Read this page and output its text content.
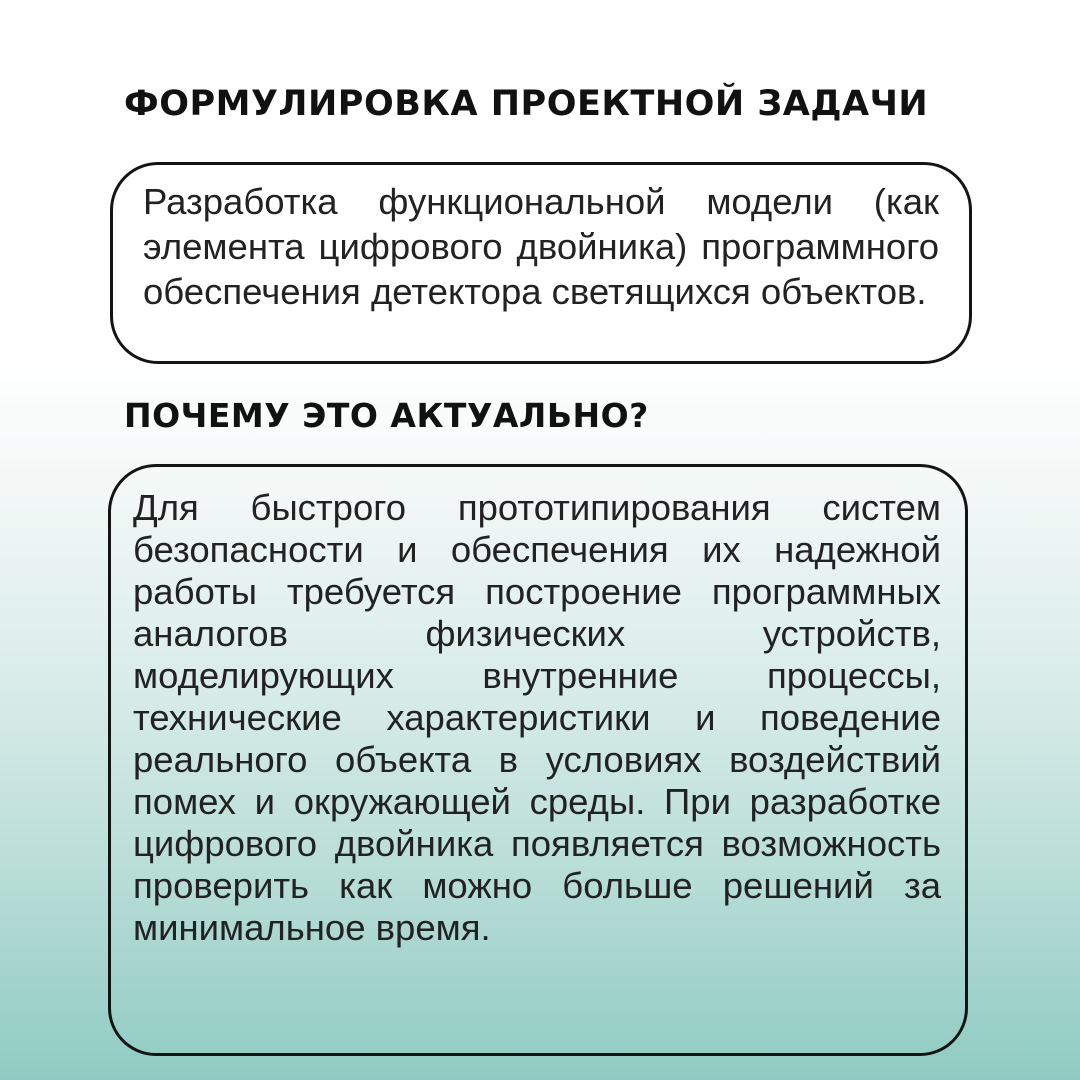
ФОРМУЛИРОВКА ПРОЕКТНОЙ ЗАДАЧИ

Разработка функциональной модели (как элемента цифрового двойника) программного обеспечения детектора светящихся объектов.

ПОЧЕМУ ЭТО АКТУАЛЬНО?

Для быстрого прототипирования систем безопасности и обеспечения их надежной работы требуется построение программных аналогов физических устройств, моделирующих внутренние процессы, технические характеристики и поведение реального объекта в условиях воздействий помех и окружающей среды. При разработке цифрового двойника появляется возможность проверить как можно больше решений за минимальное время.
